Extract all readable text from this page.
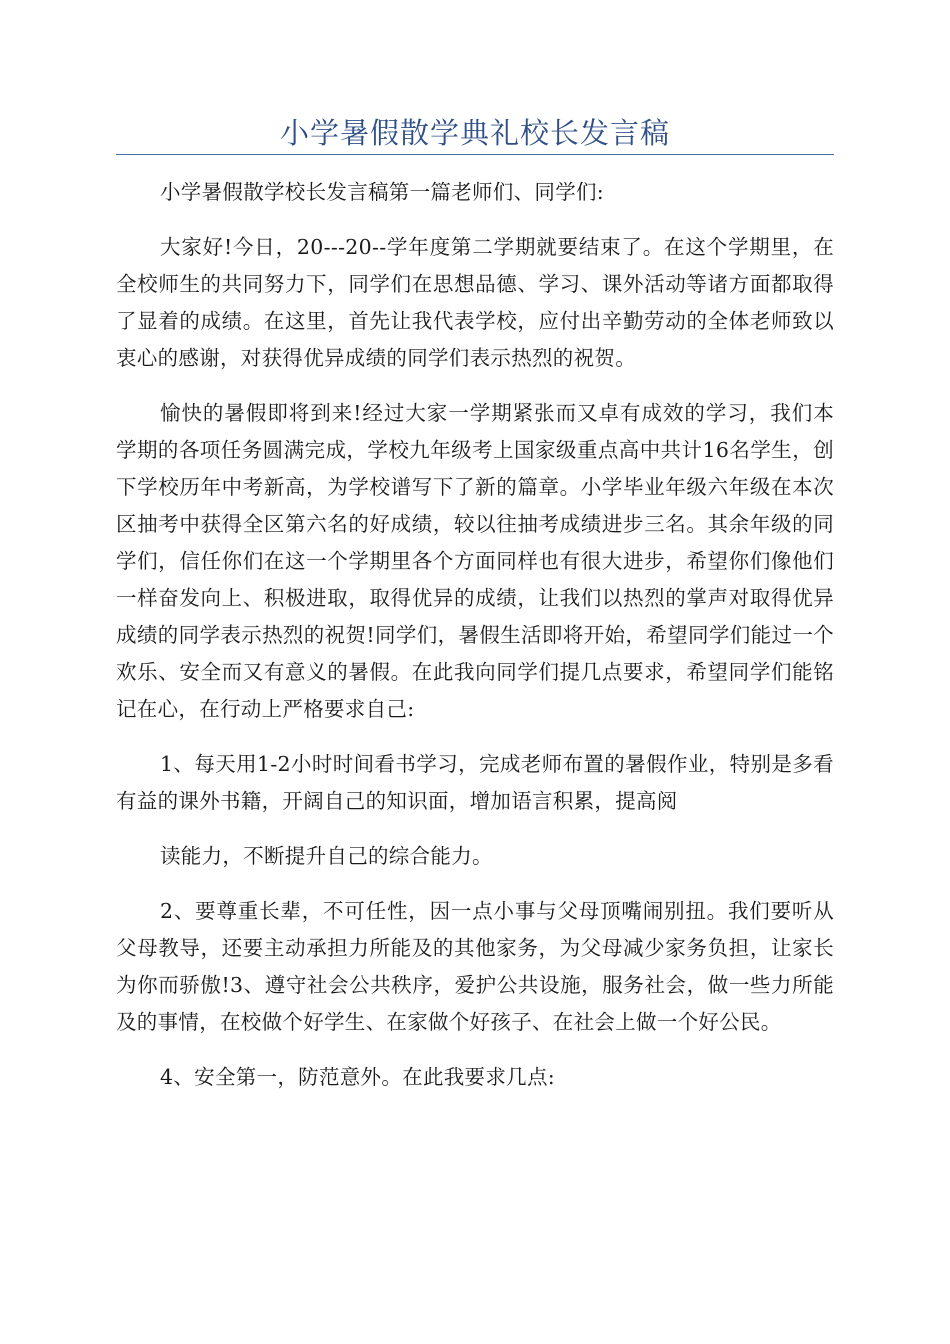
小学暑假散学典礼校长发言稿

小学暑假散学校长发言稿第一篇老师们、同学们:

大家好!今日，20---20--学年度第二学期就要结束了。在这个学期里，在全校师生的共同努力下，同学们在思想品德、学习、课外活动等诸方面都取得了显着的成绩。在这里，首先让我代表学校，应付出辛勤劳动的全体老师致以衷心的感谢，对获得优异成绩的同学们表示热烈的祝贺。

愉快的暑假即将到来!经过大家一学期紧张而又卓有成效的学习，我们本学期的各项任务圆满完成，学校九年级考上国家级重点高中共计16名学生，创下学校历年中考新高，为学校谱写下了新的篇章。小学毕业年级六年级在本次区抽考中获得全区第六名的好成绩，较以往抽考成绩进步三名。其余年级的同学们，信任你们在这一个学期里各个方面同样也有很大进步，希望你们像他们一样奋发向上、积极进取，取得优异的成绩，让我们以热烈的掌声对取得优异成绩的同学表示热烈的祝贺!同学们，暑假生活即将开始，希望同学们能过一个欢乐、安全而又有意义的暑假。在此我向同学们提几点要求，希望同学们能铭记在心，在行动上严格要求自己:

1、每天用1-2小时时间看书学习，完成老师布置的暑假作业，特别是多看有益的课外书籍，开阔自己的知识面，增加语言积累，提高阅

读能力，不断提升自己的综合能力。

2、要尊重长辈，不可任性，因一点小事与父母顶嘴闹别扭。我们要听从父母教导，还要主动承担力所能及的其他家务，为父母减少家务负担，让家长为你而骄傲!3、遵守社会公共秩序，爱护公共设施，服务社会，做一些力所能及的事情，在校做个好学生、在家做个好孩子、在社会上做一个好公民。

4、安全第一，防范意外。在此我要求几点:
